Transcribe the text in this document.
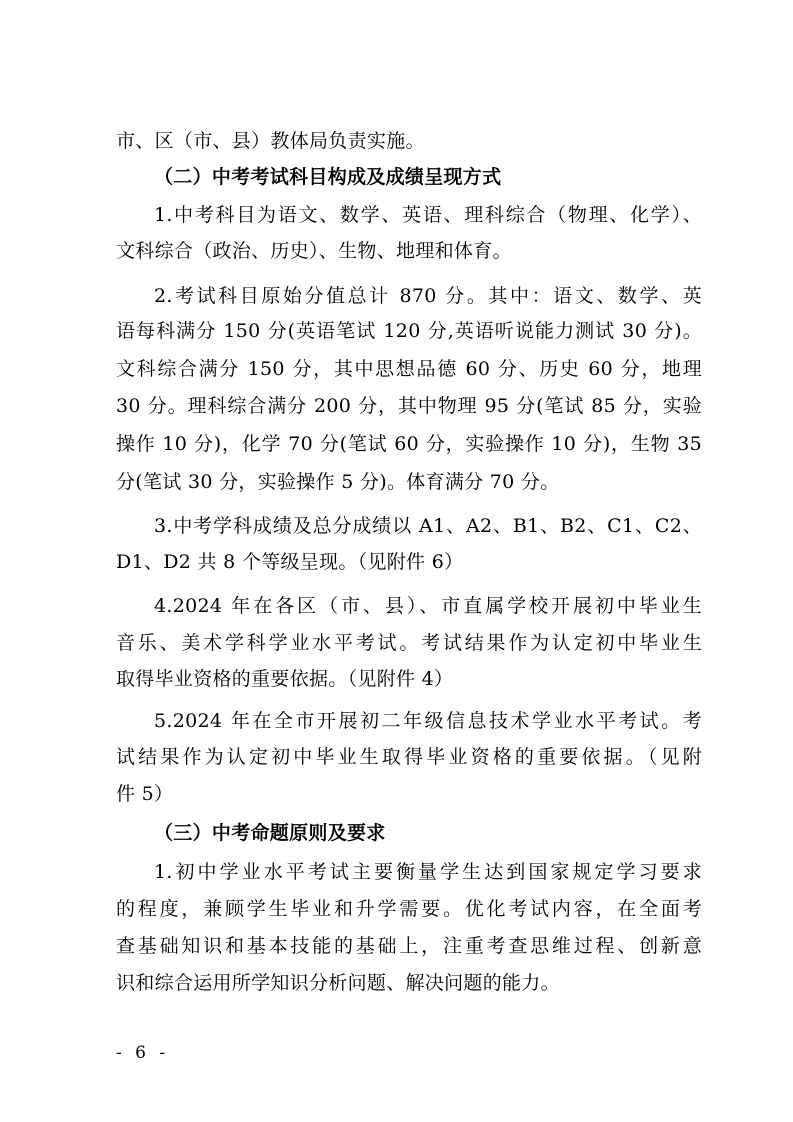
市、区（市、县）教体局负责实施。
（二）中考考试科目构成及成绩呈现方式
1.中考科目为语文、数学、英语、理科综合（物理、化学）、
文科综合（政治、历史）、生物、地理和体育。
2.考试科目原始分值总计 870 分。其中：语文、数学、英
语每科满分 150 分(英语笔试 120 分,英语听说能力测试 30 分)。
文科综合满分 150 分，其中思想品德 60 分、历史 60 分，地理
30 分。理科综合满分 200 分，其中物理 95 分(笔试 85 分，实验
操作 10 分)，化学 70 分(笔试 60 分，实验操作 10 分)，生物 35
分(笔试 30 分，实验操作 5 分)。体育满分 70 分。
3.中考学科成绩及总分成绩以 A1、A2、B1、B2、C1、C2、
D1、D2 共 8 个等级呈现。（见附件 6）
4.2024 年在各区（市、县）、市直属学校开展初中毕业生
音乐、美术学科学业水平考试。考试结果作为认定初中毕业生
取得毕业资格的重要依据。（见附件 4）
5.2024 年在全市开展初二年级信息技术学业水平考试。考
试结果作为认定初中毕业生取得毕业资格的重要依据。（见附
件 5）
（三）中考命题原则及要求
1.初中学业水平考试主要衡量学生达到国家规定学习要求
的程度，兼顾学生毕业和升学需要。优化考试内容，在全面考
查基础知识和基本技能的基础上，注重考查思维过程、创新意
识和综合运用所学知识分析问题、解决问题的能力。
- 6 -
